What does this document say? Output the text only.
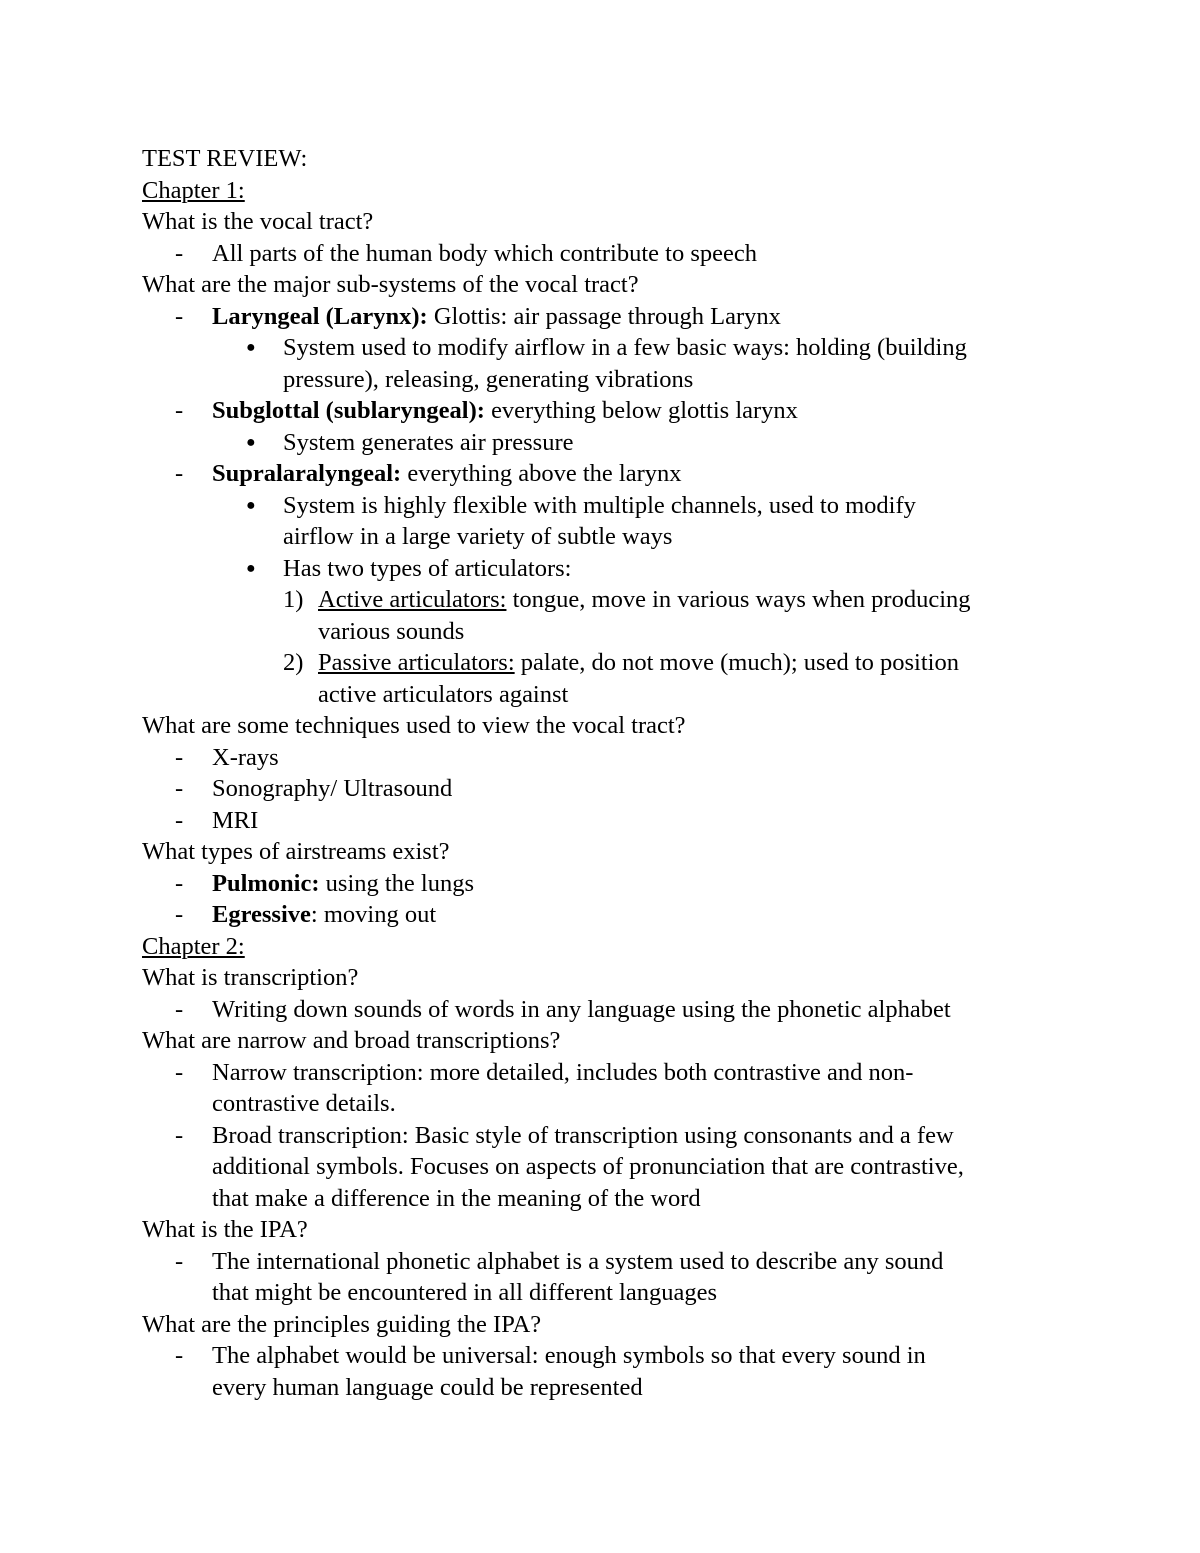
TEST REVIEW:
Chapter 1:
What is the vocal tract?
- All parts of the human body which contribute to speech
What are the major sub-systems of the vocal tract?
- Laryngeal (Larynx): Glottis: air passage through Larynx
● System used to modify airflow in a few basic ways: holding (building
pressure), releasing, generating vibrations
- Subglottal (sublaryngeal): everything below glottis larynx
● System generates air pressure
- Supralaralyngeal: everything above the larynx
● System is highly flexible with multiple channels, used to modify
airflow in a large variety of subtle ways
● Has two types of articulators:
1) Active articulators: tongue, move in various ways when producing
various sounds
2) Passive articulators: palate, do not move (much); used to position
active articulators against
What are some techniques used to view the vocal tract?
- X-rays
- Sonography/ Ultrasound
- MRI
What types of airstreams exist?
- Pulmonic: using the lungs
- Egressive: moving out
Chapter 2:
What is transcription?
- Writing down sounds of words in any language using the phonetic alphabet
What are narrow and broad transcriptions?
- Narrow transcription: more detailed, includes both contrastive and non-
contrastive details.
- Broad transcription: Basic style of transcription using consonants and a few
additional symbols. Focuses on aspects of pronunciation that are contrastive,
that make a difference in the meaning of the word
What is the IPA?
- The international phonetic alphabet is a system used to describe any sound
that might be encountered in all different languages
What are the principles guiding the IPA?
- The alphabet would be universal: enough symbols so that every sound in
every human language could be represented
